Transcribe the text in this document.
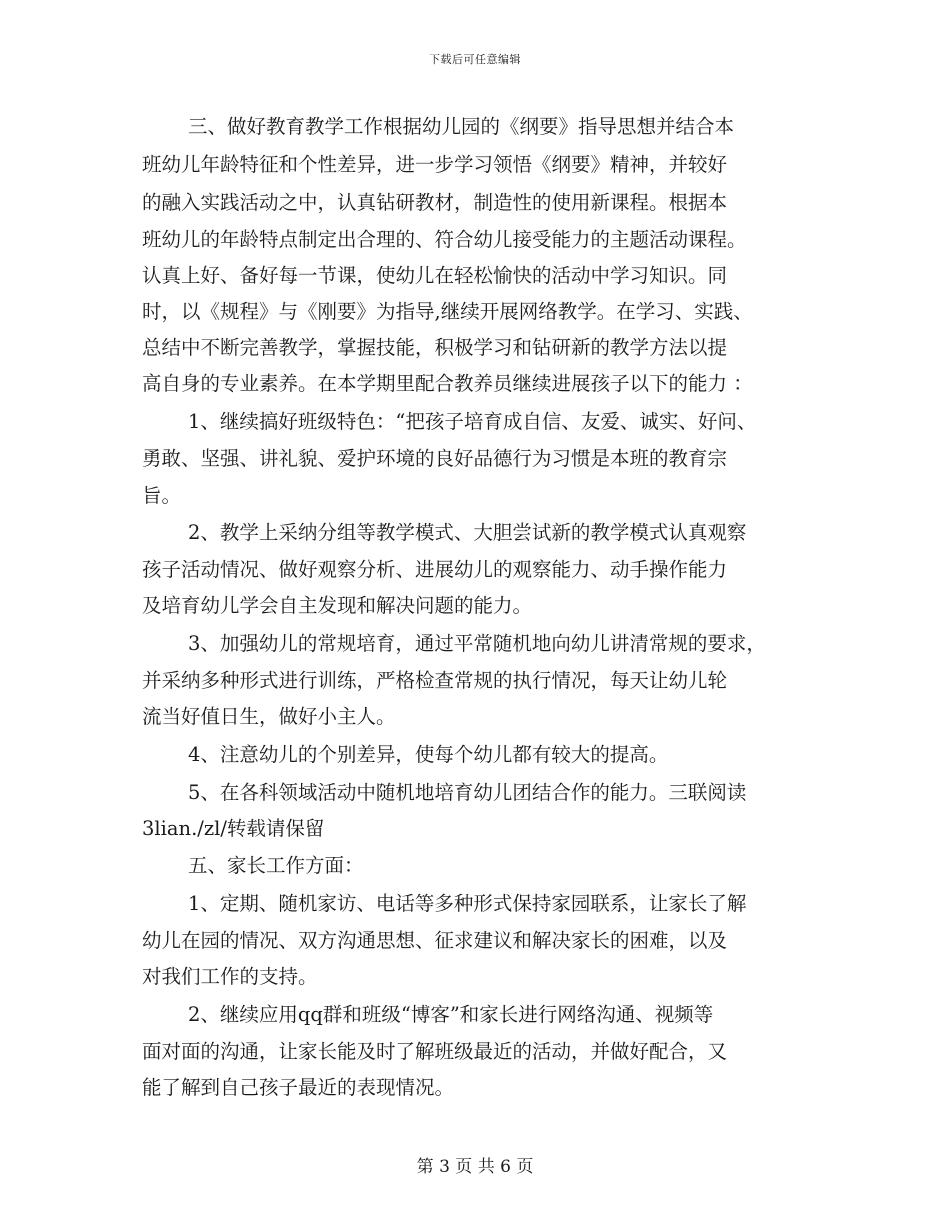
下载后可任意编辑
三、做好教育教学工作根据幼儿园的《纲要》指导思想并结合本
班幼儿年龄特征和个性差异，进一步学习领悟《纲要》精神，并较好
的融入实践活动之中，认真钻研教材，制造性的使用新课程。根据本
班幼儿的年龄特点制定出合理的、符合幼儿接受能力的主题活动课程。
认真上好、备好每一节课，使幼儿在轻松愉快的活动中学习知识。同
时，以《规程》与《刚要》为指导,继续开展网络教学。在学习、实践、
总结中不断完善教学，掌握技能，积极学习和钻研新的教学方法以提
高自身的专业素养。在本学期里配合教养员继续进展孩子以下的能力 ：
1、继续搞好班级特色：“把孩子培育成自信、友爱、诚实、好问、
勇敢、坚强、讲礼貌、爱护环境的良好品德行为习惯是本班的教育宗
旨。
2、教学上采纳分组等教学模式、大胆尝试新的教学模式认真观察
孩子活动情况、做好观察分析、进展幼儿的观察能力、动手操作能力
及培育幼儿学会自主发现和解决问题的能力。
3、加强幼儿的常规培育，通过平常随机地向幼儿讲清常规的要求，
并采纳多种形式进行训练，严格检查常规的执行情况，每天让幼儿轮
流当好值日生，做好小主人。
4、注意幼儿的个别差异，使每个幼儿都有较大的提高。
5、在各科领域活动中随机地培育幼儿团结合作的能力。三联阅读
3lian./zl/转载请保留
五、家长工作方面：
1、定期、随机家访、电话等多种形式保持家园联系，让家长了解
幼儿在园的情况、双方沟通思想、征求建议和解决家长的困难，以及
对我们工作的支持。
2、继续应用qq群和班级“博客”和家长进行网络沟通、视频等
面对面的沟通，让家长能及时了解班级最近的活动，并做好配合，又
能了解到自己孩子最近的表现情况。
第 3 页 共 6 页
